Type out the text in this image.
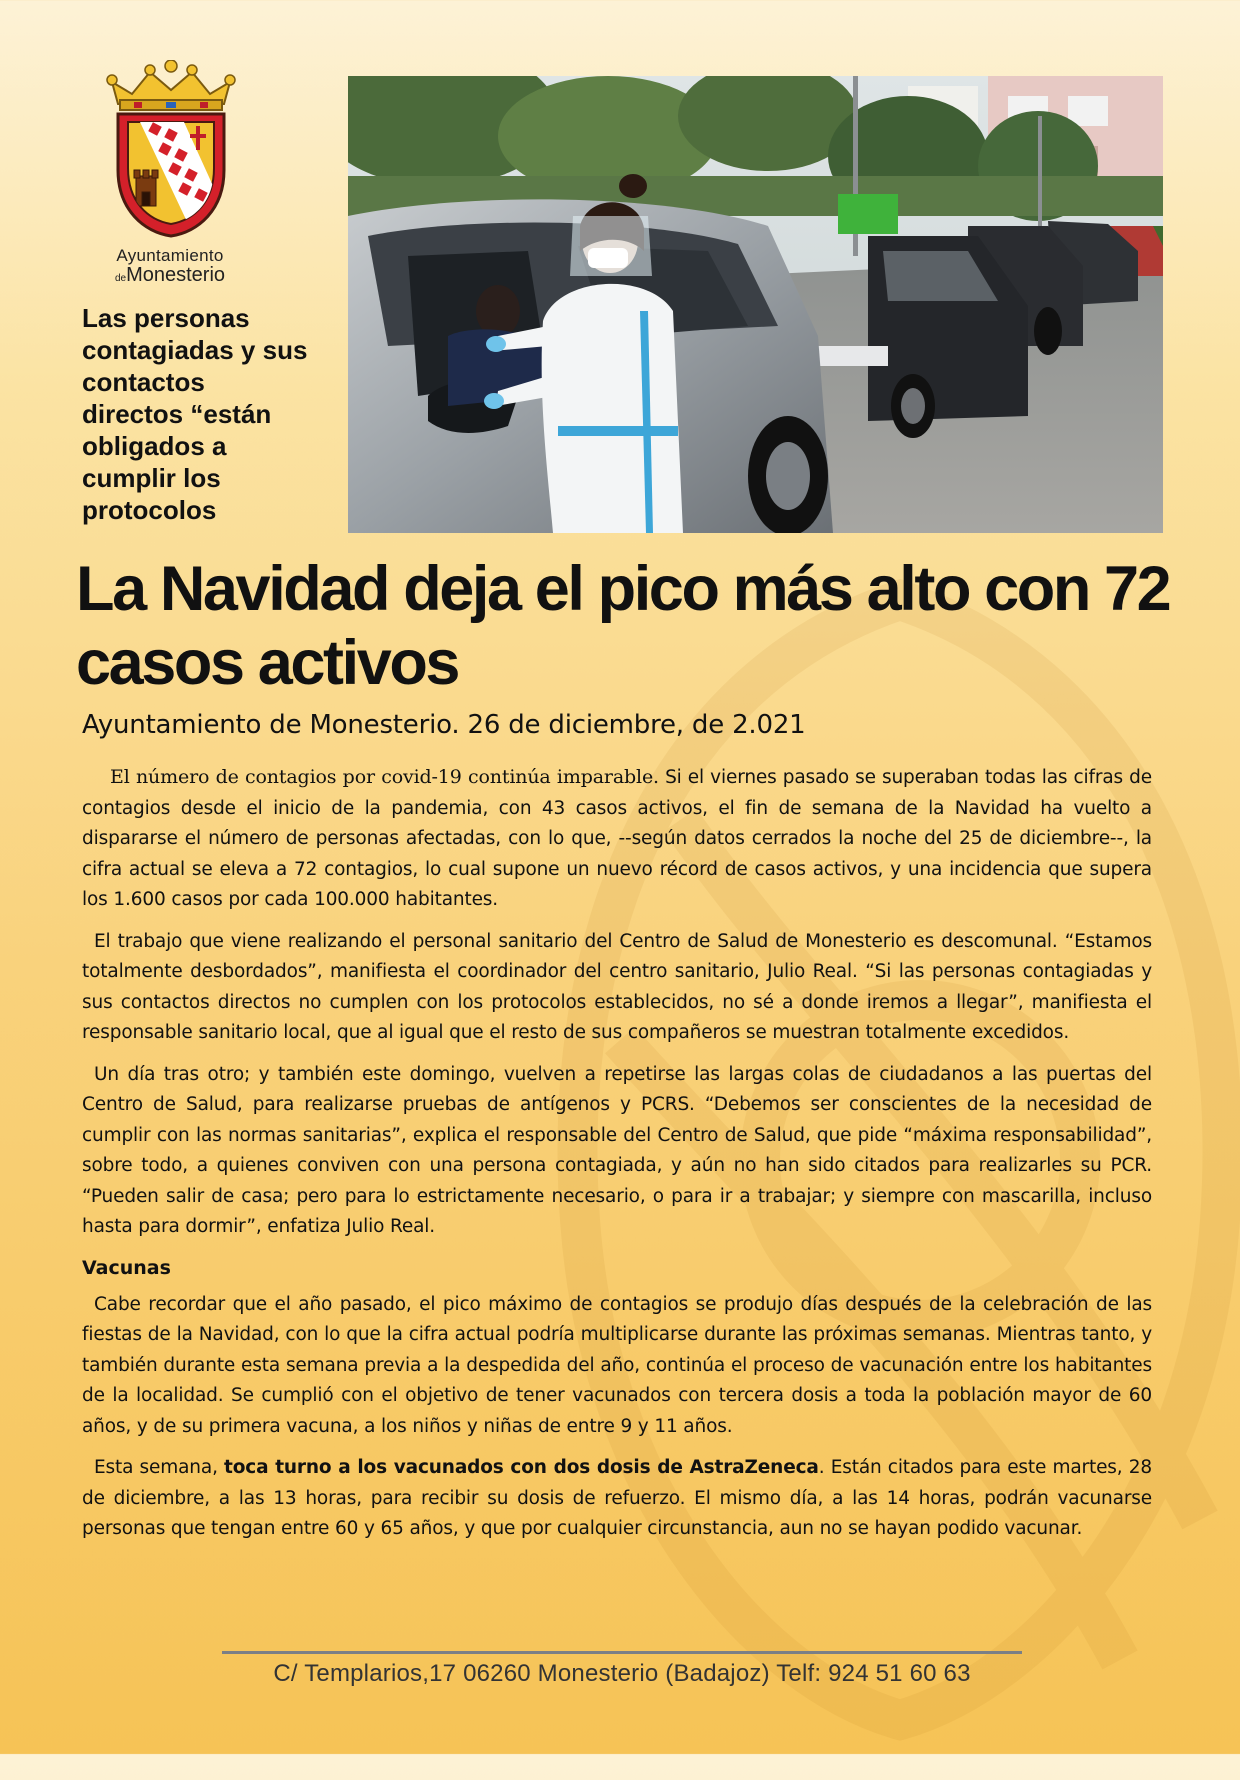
Ayuntamiento
deMonesterio
Las personas contagiadas y sus contactos directos “están obligados a cumplir los protocolos
La Navidad deja el pico más alto con 72 casos activos
Ayuntamiento de Monesterio. 26 de diciembre, de 2.021

El número de contagios por covid-19 continúa imparable. Si el viernes pasado se superaban todas las cifras de contagios desde el inicio de la pandemia, con 43 casos activos, el fin de semana de la Navidad ha vuelto a dispararse el número de personas afectadas, con lo que, --según datos cerrados la noche del 25 de diciembre--, la cifra actual se eleva a 72 contagios, lo cual supone un nuevo récord de casos activos, y una incidencia que supera los 1.600 casos por cada 100.000 habitantes.

El trabajo que viene realizando el personal sanitario del Centro de Salud de Monesterio es descomunal. “Estamos totalmente desbordados”, manifiesta el coordinador del centro sanitario, Julio Real. “Si las personas contagiadas y sus contactos directos no cumplen con los protocolos establecidos, no sé a donde iremos a llegar”, manifiesta el responsable sanitario local, que al igual que el resto de sus compañeros se muestran totalmente excedidos.

Un día tras otro; y también este domingo, vuelven a repetirse las largas colas de ciudadanos a las puertas del Centro de Salud, para realizarse pruebas de antígenos y PCRS. “Debemos ser conscientes de la necesidad de cumplir con las normas sanitarias”, explica el responsable del Centro de Salud, que pide “máxima responsabilidad”, sobre todo, a quienes conviven con una persona contagiada, y aún no han sido citados para realizarles su PCR. “Pueden salir de casa; pero para lo estrictamente necesario, o para ir a trabajar; y siempre con mascarilla, incluso hasta para dormir”, enfatiza Julio Real.

Vacunas

Cabe recordar que el año pasado, el pico máximo de contagios se produjo días después de la celebración de las fiestas de la Navidad, con lo que la cifra actual podría multiplicarse durante las próximas semanas. Mientras tanto, y también durante esta semana previa a la despedida del año, continúa el proceso de vacunación entre los habitantes de la localidad. Se cumplió con el objetivo de tener vacunados con tercera dosis a toda la población mayor de 60 años, y de su primera vacuna, a los niños y niñas de entre 9 y 11 años.

Esta semana, toca turno a los vacunados con dos dosis de AstraZeneca. Están citados para este martes, 28 de diciembre, a las 13 horas, para recibir su dosis de refuerzo. El mismo día, a las 14 horas, podrán vacunarse personas que tengan entre 60 y 65 años, y que por cualquier circunstancia, aun no se hayan podido vacunar.

C/ Templarios,17 06260 Monesterio (Badajoz) Telf: 924 51 60 63
